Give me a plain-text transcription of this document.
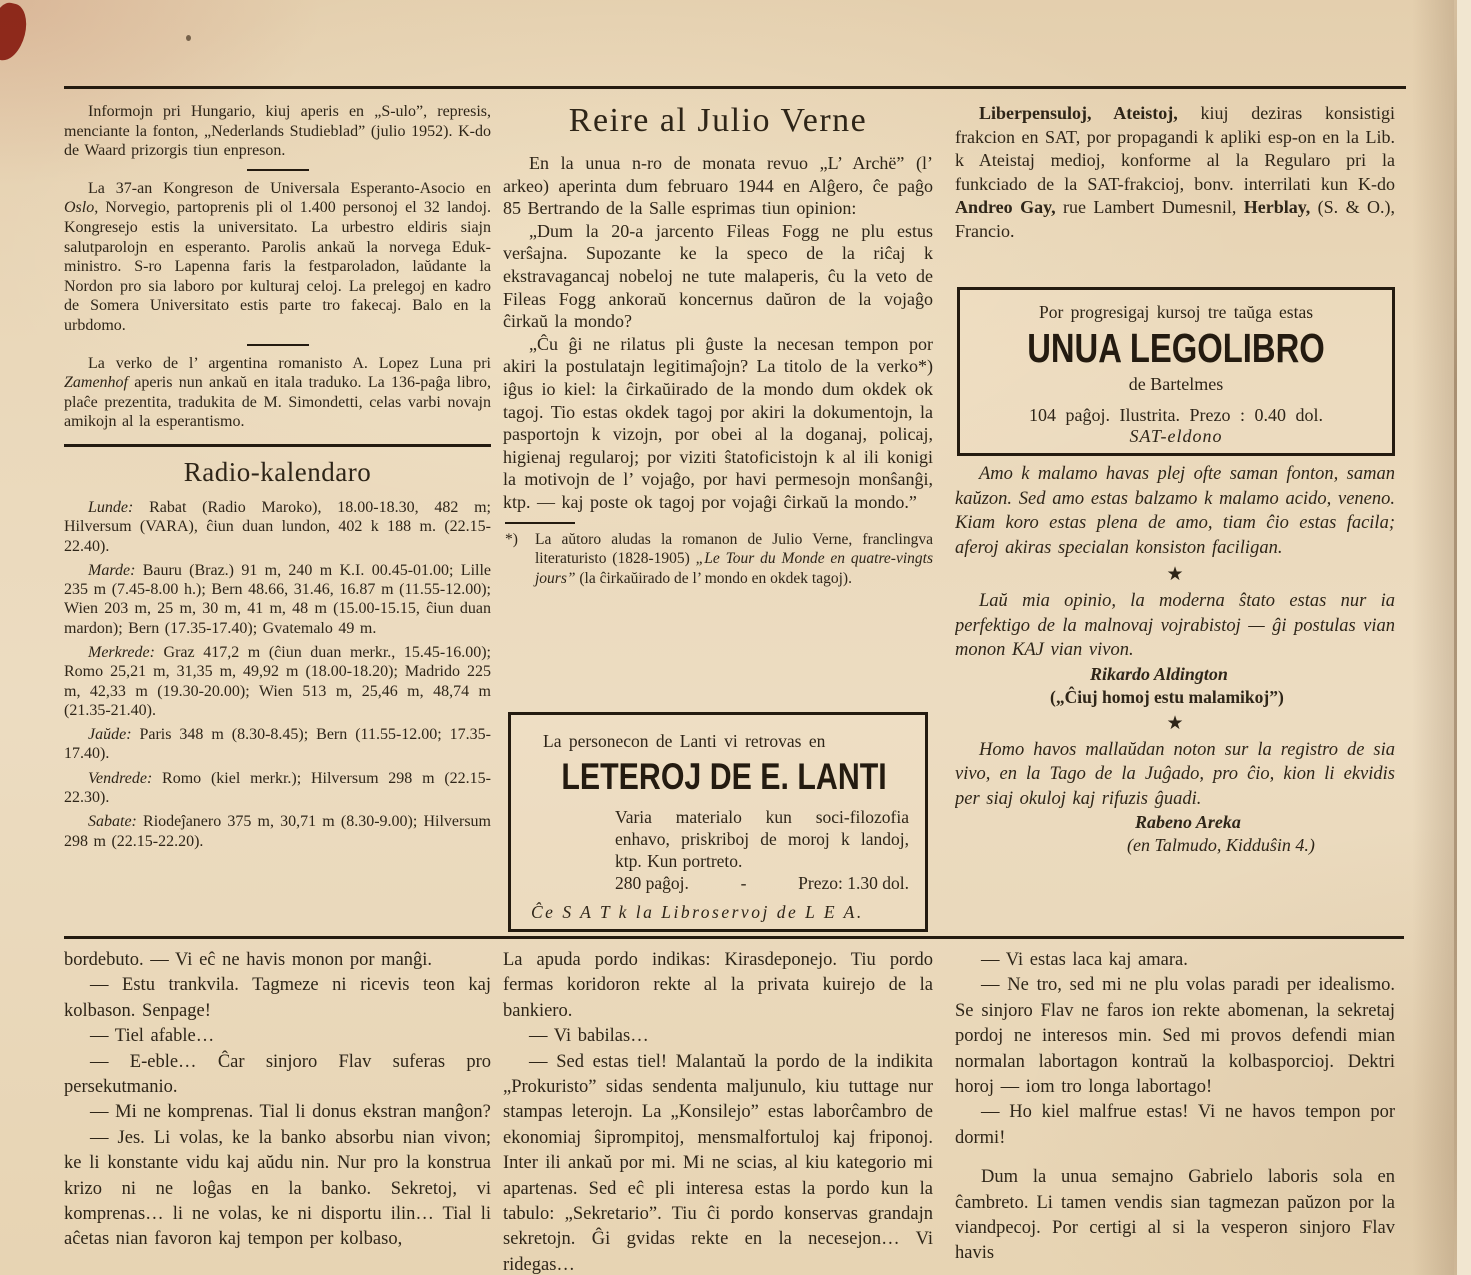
Informojn pri Hungario, kiuj aperis en „S-ulo”, represis, menciante la fonton, „Nederlands Studieblad” (julio 1952). K-do de Waard prizorgis tiun enpreson.

La 37-an Kongreson de Universala Esperanto-Asocio en Oslo, Norvegio, partoprenis pli ol 1.400 personoj el 32 landoj. Kongresejo estis la universitato. La urbestro eldiris siajn salutparolojn en esperanto. Parolis ankaŭ la norvega Eduk-ministro. S-ro Lapenna faris la festparoladon, laŭdante la Nordon pro sia laboro por kulturaj celoj. La prelegoj en kadro de Somera Universitato estis parte tro fakecaj. Balo en la urbdomo.

La verko de l’ argentina romanisto A. Lopez Luna pri Zamenhof aperis nun ankaŭ en itala traduko. La 136-paĝa libro, plaĉe prezentita, tradukita de M. Simondetti, celas varbi novajn amikojn al la esperantismo.

Radio-kalendaro

Lunde: Rabat (Radio Maroko), 18.00-18.30, 482 m; Hilversum (VARA), ĉiun duan lundon, 402 k 188 m. (22.15-22.40).

Marde: Bauru (Braz.) 91 m, 240 m K.I. 00.45-01.00; Lille 235 m (7.45-8.00 h.); Bern 48.66, 31.46, 16.87 m (11.55-12.00); Wien 203 m, 25 m, 30 m, 41 m, 48 m (15.00-15.15, ĉiun duan mardon); Bern (17.35-17.40); Gvatemalo 49 m.

Merkrede: Graz 417,2 m (ĉiun duan merkr., 15.45-16.00); Romo 25,21 m, 31,35 m, 49,92 m (18.00-18.20); Madrido 225 m, 42,33 m (19.30-20.00); Wien 513 m, 25,46 m, 48,74 m (21.35-21.40).

Jaŭde: Paris 348 m (8.30-8.45); Bern (11.55-12.00; 17.35-17.40).

Vendrede: Romo (kiel merkr.); Hilversum 298 m (22.15-22.30).

Sabate: Riodeĵanero 375 m, 30,71 m (8.30-9.00); Hilversum 298 m (22.15-22.20).

Reire al Julio Verne

En la unua n-ro de monata revuo „L’ Archë” (l’ arkeo) aperinta dum februaro 1944 en Alĝero, ĉe paĝo 85 Bertrando de la Salle esprimas tiun opinion:

„Dum la 20-a jarcento Fileas Fogg ne plu estus verŝajna. Supozante ke la speco de la riĉaj k ekstravagancaj nobeloj ne tute malaperis, ĉu la veto de Fileas Fogg ankoraŭ koncernus daŭron de la vojaĝo ĉirkaŭ la mondo?

„Ĉu ĝi ne rilatus pli ĝuste la necesan tempon por akiri la postulatajn legitimaĵojn? La titolo de la verko*) iĝus io kiel: la ĉirkaŭirado de la mondo dum okdek ok tagoj. Tio estas okdek tagoj por akiri la dokumentojn, la pasportojn k vizojn, por obei al la doganaj, policaj, higienaj regularoj; por viziti ŝtatoficistojn k al ili konigi la motivojn de l’ vojaĝo, por havi permesojn monŝanĝi, ktp. — kaj poste ok tagoj por vojaĝi ĉirkaŭ la mondo.”

*)	La aŭtoro aludas la romanon de Julio Verne, franclingva literaturisto (1828-1905) „Le Tour du Monde en quatre-vingts jours” (la ĉirkaŭirado de l’ mondo en okdek tagoj).
La personecon de Lanti vi retrovas en
LETEROJ DE E. LANTI
Varia materialo kun soci-filozofia enhavo, priskriboj de moroj k landoj, ktp. Kun portreto.
280 paĝoj.	-	Prezo: 1.30 dol.
Ĉe S A T k la Libroservoj de L E A.

Liberpensuloj, Ateistoj, kiuj deziras konsistigi frakcion en SAT, por propagandi k apliki esp-on en la Lib. k Ateistaj medioj, konforme al la Regularo pri la funkciado de la SAT-frakcioj, bonv. interrilati kun K-do Andreo Gay, rue Lambert Dumesnil, Herblay, (S. & O.), Francio.

Por progresigaj kursoj tre taŭga estas
UNUA LEGOLIBRO
de Bartelmes
104 paĝoj. Ilustrita. Prezo : 0.40 dol.
SAT-eldono

Amo k malamo havas plej ofte saman fonton, saman kaŭzon. Sed amo estas balzamo k malamo acido, veneno. Kiam koro estas plena de amo, tiam ĉio estas facila; aferoj akiras specialan konsiston faciligan.

★

Laŭ mia opinio, la moderna ŝtato estas nur ia perfektigo de la malnovaj vojrabistoj — ĝi postulas vian monon KAJ vian vivon.

Rikardo Aldington

(„Ĉiuj homoj estu malamikoj”)

★

Homo havos mallaŭdan noton sur la registro de sia vivo, en la Tago de la Juĝado, pro ĉio, kion li ekvidis per siaj okuloj kaj rifuzis ĝuadi.

Rabeno Areka

(en Talmudo, Kidduŝin 4.)

bordebuto. — Vi eĉ ne havis monon por manĝi.

— Estu trankvila. Tagmeze ni ricevis teon kaj kolbason. Senpage!

— Tiel afable…

— E-eble… Ĉar sinjoro Flav suferas pro persekutmanio.

— Mi ne komprenas. Tial li donus ekstran manĝon?

— Jes. Li volas, ke la banko absorbu nian vivon; ke li konstante vidu kaj aŭdu nin. Nur pro la konstrua krizo ni ne loĝas en la banko. Sekretoj, vi komprenas… li ne volas, ke ni disportu ilin… Tial li aĉetas nian favoron kaj tempon per kolbaso,

La apuda pordo indikas: Kirasdeponejo. Tiu pordo fermas koridoron rekte al la privata kuirejo de la bankiero.

— Vi babilas…

— Sed estas tiel! Malantaŭ la pordo de la indikita „Prokuristo” sidas sendenta maljunulo, kiu tuttage nur stampas leterojn. La „Konsilejo” estas laborĉambro de ekonomiaj ŝiprompitoj, mensmalfortuloj kaj friponoj. Inter ili ankaŭ por mi. Mi ne scias, al kiu kategorio mi apartenas. Sed eĉ pli interesa estas la pordo kun la tabulo: „Sekretario”. Tiu ĉi pordo konservas grandajn sekretojn. Ĝi gvidas rekte en la necesejon… Vi ridegas…

— Vi estas laca kaj amara.

— Ne tro, sed mi ne plu volas paradi per idealismo. Se sinjoro Flav ne faros ion rekte abomenan, la sekretaj pordoj ne interesos min. Sed mi provos defendi mian normalan labortagon kontraŭ la kolbasporcioj. Dektri horoj — iom tro longa labortago!

— Ho kiel malfrue estas! Vi ne havos tempon por dormi!

Dum la unua semajno Gabrielo laboris sola en ĉambreto. Li tamen vendis sian tagmezan paŭzon por la viandpecoj. Por certigi al si la vesperon sinjoro Flav havis
